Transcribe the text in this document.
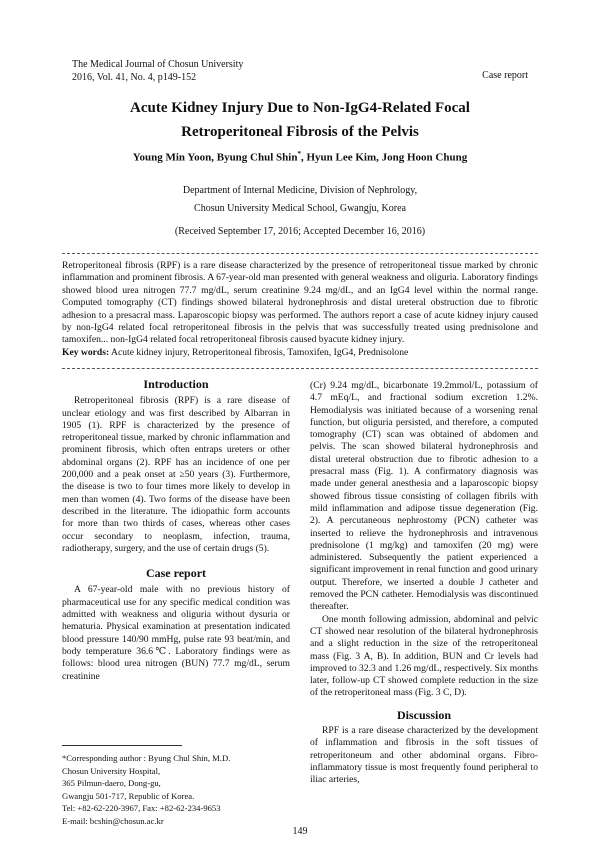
The Medical Journal of Chosun University
2016, Vol. 41, No. 4, p149-152	Case report
Acute Kidney Injury Due to Non-IgG4-Related Focal
Retroperitoneal Fibrosis of the Pelvis
Young Min Yoon, Byung Chul Shin*, Hyun Lee Kim, Jong Hoon Chung
Department of Internal Medicine, Division of Nephrology,
Chosun University Medical School, Gwangju, Korea
(Received September 17, 2016; Accepted December 16, 2016)

Retroperitoneal fibrosis (RPF) is a rare disease characterized by the presence of retroperitoneal tissue marked by chronic inflammation and prominent fibrosis. A 67-year-old man presented with general weakness and oliguria. Laboratory findings showed blood urea nitrogen 77.7 mg/dL, serum creatinine 9.24 mg/dL, and an IgG4 level within the normal range. Computed tomography (CT) findings showed bilateral hydronephrosis and distal ureteral obstruction due to fibrotic adhesion to a presacral mass. Laparoscopic biopsy was performed. The authors report a case of acute kidney injury caused by non-IgG4 related focal retroperitoneal fibrosis in the pelvis that was successfully treated using prednisolone and tamoxifen... non-IgG4 related focal retroperitoneal fibrosis caused byacute kidney injury.

Key words: Acute kidney injury, Retroperitoneal fibrosis, Tamoxifen, IgG4, Prednisolone

Introduction

Retroperitoneal fibrosis (RPF) is a rare disease of unclear etiology and was first described by Albarran in 1905 (1). RPF is characterized by the presence of retroperitoneal tissue, marked by chronic inflammation and prominent fibrosis, which often entraps ureters or other abdominal organs (2). RPF has an incidence of one per 200,000 and a peak onset at ≥50 years (3). Furthermore, the disease is two to four times more likely to develop in men than women (4). Two forms of the disease have been described in the literature. The idiopathic form accounts for more than two thirds of cases, whereas other cases occur secondary to neoplasm, infection, trauma, radiotherapy, surgery, and the use of certain drugs (5).

Case report

A 67-year-old male with no previous history of pharmaceutical use for any specific medical condition was admitted with weakness and oliguria without dysuria or hematuria. Physical examination at presentation indicated blood pressure 140/90 mmHg, pulse rate 93 beat/min, and body temperature 36.6℃. Laboratory findings were as follows: blood urea nitrogen (BUN) 77.7 mg/dL, serum creatinine

(Cr) 9.24 mg/dL, bicarbonate 19.2mmol/L, potassium of 4.7 mEq/L, and fractional sodium excretion 1.2%. Hemodialysis was initiated because of a worsening renal function, but oliguria persisted, and therefore, a computed tomography (CT) scan was obtained of abdomen and pelvis. The scan showed bilateral hydronephrosis and distal ureteral obstruction due to fibrotic adhesion to a presacral mass (Fig. 1). A confirmatory diagnosis was made under general anesthesia and a laparoscopic biopsy showed fibrous tissue consisting of collagen fibrils with mild inflammation and adipose tissue degeneration (Fig. 2). A percutaneous nephrostomy (PCN) catheter was inserted to relieve the hydronephrosis and intravenous prednisolone (1 mg/kg) and tamoxifen (20 mg) were administered. Subsequently the patient experienced a significant improvement in renal function and good urinary output. Therefore, we inserted a double J catheter and removed the PCN catheter. Hemodialysis was discontinued thereafter.

One month following admission, abdominal and pelvic CT showed near resolution of the bilateral hydronephrosis and a slight reduction in the size of the retroperitoneal mass (Fig. 3 A, B). In addition, BUN and Cr levels had improved to 32.3 and 1.26 mg/dL, respectively. Six months later, follow-up CT showed complete reduction in the size of the retroperitoneal mass (Fig. 3 C, D).

Discussion

RPF is a rare disease characterized by the development of inflammation and fibrosis in the soft tissues of retroperitoneum and other abdominal organs. Fibro-inflammatory tissue is most frequently found peripheral to iliac arteries,

*Corresponding author : Byung Chul Shin, M.D.
Chosun University Hospital,
365 Pilmun-daero, Dong-gu,
Gwangju 501-717, Republic of Korea.
Tel: +82-62-220-3967, Fax: +82-62-234-9653
E-mail: bcshin@chosun.ac.kr
149
